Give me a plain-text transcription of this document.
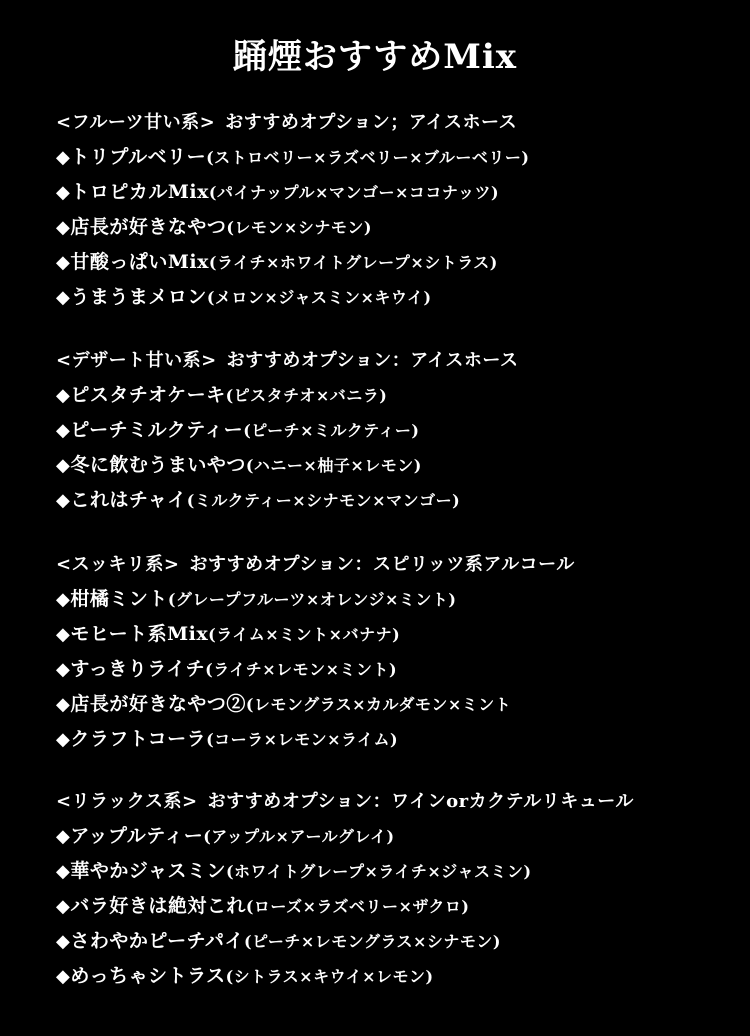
踊煙おすすめMix
<フルーツ甘い系> おすすめオプション；アイスホース
◆トリプルベリー(ストロベリー×ラズベリー×ブルーベリー)
◆トロピカルMix(パイナップル×マンゴー×ココナッツ)
◆店長が好きなやつ(レモン×シナモン)
◆甘酸っぱいMix(ライチ×ホワイトグレープ×シトラス)
◆うまうまメロン(メロン×ジャスミン×キウイ)
<デザート甘い系> おすすめオプション：アイスホース
◆ピスタチオケーキ(ピスタチオ×バニラ)
◆ピーチミルクティー(ピーチ×ミルクティー)
◆冬に飲むうまいやつ(ハニー×柚子×レモン)
◆これはチャイ(ミルクティー×シナモン×マンゴー)
<スッキリ系> おすすめオプション：スピリッツ系アルコール
◆柑橘ミント(グレープフルーツ×オレンジ×ミント)
◆モヒート系Mix(ライム×ミント×バナナ)
◆すっきりライチ(ライチ×レモン×ミント)
◆店長が好きなやつ②(レモングラス×カルダモン×ミント
◆クラフトコーラ(コーラ×レモン×ライム)
<リラックス系> おすすめオプション：ワインorカクテルリキュール
◆アップルティー(アップル×アールグレイ)
◆華やかジャスミン(ホワイトグレープ×ライチ×ジャスミン)
◆バラ好きは絶対これ(ローズ×ラズベリー×ザクロ)
◆さわやかピーチパイ(ピーチ×レモングラス×シナモン)
◆めっちゃシトラス(シトラス×キウイ×レモン)
